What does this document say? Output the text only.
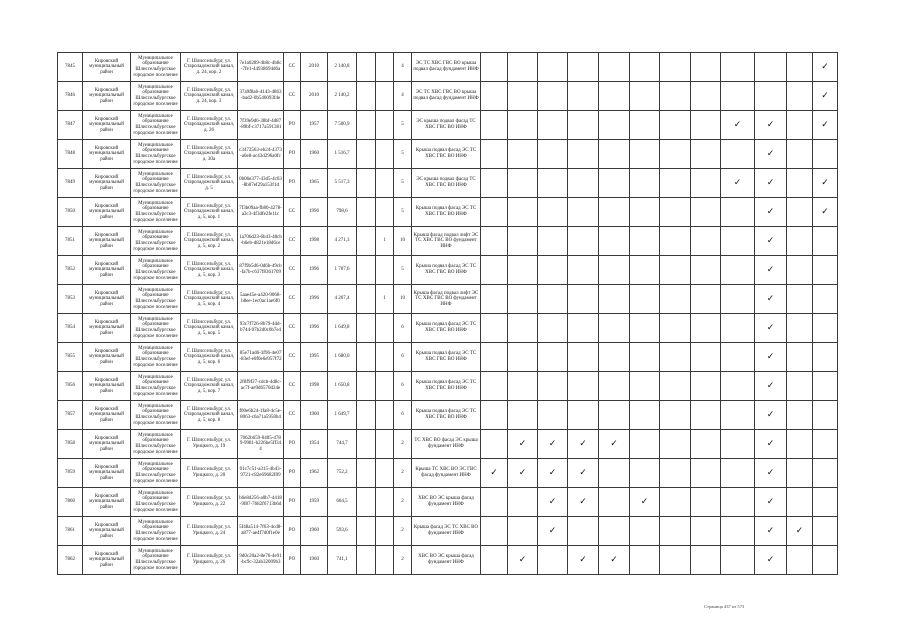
7845	Кировский муниципальный район	Муниципальное образование Шлиссельбургское городское поселение	Г. Шлиссельбург, ул. Староладожский канал, д. 24, кор. 2	7e1a0289-4b8c-4b8c-7fe1-44938694d6a	СС	2010	2 140,8			4	ЭС ТС ХВС ГВС ВО крыша подвал фасад фундамент ИНФ												✓
7846	Кировский муниципальный район	Муниципальное образование Шлиссельбургское городское поселение	Г. Шлиссельбург, ул. Староладожский канал, д. 24, кор. 3	37a9f8a6-4143-4863-bad2-0b546093f4e	СС	2010	2 140,2			4	ЭС ТС ХВС ГВС ВО крыша подвал фасад фундамент ИНФ												✓
7847	Кировский муниципальный район	Муниципальное образование Шлиссельбургское городское поселение	Г. Шлиссельбург, ул. Староладожский канал, д. 26	7f39e9d6-38bf-4d87-89bf-c3717a591381	РО	1957	7 500,9			5	ЭС крыша подвал фасад ТС ХВС ГВС ВО ИНФ									✓	✓		✓
7848	Кировский муниципальный район	Муниципальное образование Шлиссельбургское городское поселение	Г. Шлиссельбург, ул. Староладожский канал, д. 30а	c3472563-eb24-4373-a0e8-ac43d296a0fc	РО	1960	1 516,7			5	Крыша подвал фасад ЭС ТС ХВС ГВС ВО ИНФ										✓		
7849	Кировский муниципальный район	Муниципальное образование Шлиссельбургское городское поселение	Г. Шлиссельбург, ул. Староладожский канал, д. 5	0b06e377-43d5-4c63-8b07ef29a153f1d	РО	1965	5 517,3			5	ЭС крыша подвал фасад ТС ХВС ГВС ВО ИНФ									✓	✓		✓
7850	Кировский муниципальный район	Муниципальное образование Шлиссельбургское городское поселение	Г. Шлиссельбург, ул. Староладожский канал, д. 5, кор. 1	7f3b09aa-fb80-4278-a3c3-4f3dfe2fe11c	СС	1996	798,6			5	Крыша подвал фасад ЭС ТС ХВС ГВС ВО ИНФ										✓		✓
7851	Кировский муниципальный район	Муниципальное образование Шлиссельбургское городское поселение	Г. Шлиссельбург, ул. Староладожский канал, д. 5, кор. 2	1a706d23-6b43-48cb-b6eb-d821e18d6ce	СС	1998	4 271,3		1	10	Крыша фасад подвал лифт ЭС ТС ХВС ГВС ВО фундамент ИНФ										✓		
7852	Кировский муниципальный район	Муниципальное образование Шлиссельбургское городское поселение	Г. Шлиссельбург, ул. Староладожский канал, д. 5, кор. 3	87f9b5d6-0d6b-49cb-fa7b-c637f8361709	СС	1996	1 707,6			5	Крыша подвал фасад ЭС ТС ХВС ГВС ВО ИНФ										✓		
7853	Кировский муниципальный район	Муниципальное образование Шлиссельбургское городское поселение	Г. Шлиссельбург, ул. Староладожский канал, д. 5, кор. 4	5aae45e-a420-9068-b8ee-1ec0ac1ae6f0	СС	1996	4 267,4		1	10	Крыша фасад подвал лифт ЭС ТС ХВС ГВС ВО фундамент ИНФ										✓		
7854	Кировский муниципальный район	Муниципальное образование Шлиссельбургское городское поселение	Г. Шлиссельбург, ул. Староладожский канал, д. 5, кор. 5	93c7f726-8b79-4dd-b744-97b2d0c0b7e4	СС	1996	1 649,8			6	Крыша подвал фасад ЭС ТС ХВС ГВС ВО ИНФ										✓		
7855	Кировский муниципальный район	Муниципальное образование Шлиссельбургское городское поселение	Г. Шлиссельбург, ул. Староладожский канал, д. 5, кор. 6	85e71ad6-3f96-4e07-83ef-e0f0e6e957f72	СС	1995	1 680,0			6	Крыша подвал фасад ЭС ТС ХВС ГВС ВО ИНФ										✓		
7856	Кировский муниципальный район	Муниципальное образование Шлиссельбургское городское поселение	Г. Шлиссельбург, ул. Староладожский канал, д. 5, кор. 7	2f8f9f27-cdcb-4d8c-ac7f-ae9d6570d24e	СС	1998	1 650,8			6	Крыша подвал фасад ЭС ТС ХВС ГВС ВО ИНФ										✓		
7857	Кировский муниципальный район	Муниципальное образование Шлиссельбургское городское поселение	Г. Шлиссельбург, ул. Староладожский канал, д. 5, кор. 8	f00e6b24-1fa8-4c5e-8063-c6a71a5958b4	СС	1960	1 649,7			6	Крыша подвал фасад ЭС ТС ХВС ГВС ВО ИНФ										✓		
7858	Кировский муниципальный район	Муниципальное образование Шлиссельбургское городское поселение	Г. Шлиссельбург, ул. Урицкого, д. 19	7062b659-0405-4789-9981-b226be5ff344	РО	1954	744,7			2	ТС ХВС ВО фасад ЭС крыша фундамент ИНФ		✓	✓	✓	✓					✓		
7859	Кировский муниципальный район	Муниципальное образование Шлиссельбургское городское поселение	Г. Шлиссельбург, ул. Урицкого, д. 20	01c7c51-a315-4b43-9721-c82e69682f09	РО	1962	752,2			2	Крыша ТС ХВС ВО ЭС ГВС фасад фундамент ИНФ	✓	✓	✓	✓						✓		
7860	Кировский муниципальный район	Муниципальное образование Шлиссельбургское городское поселение	Г. Шлиссельбург, ул. Урицкого, д. 22	b6e8d256-a0b7-4418-9f87-7682f6713b6d	РО	1959	604,5			2	ХВС ВО ЭС крыша фасад фундамент ИНФ			✓	✓		✓				✓		
7861	Кировский муниципальный район	Муниципальное образование Шлиссельбургское городское поселение	Г. Шлиссельбург, ул. Урицкого, д. 24	5f48a514-7f63-4cd8-a877-ae4f7d0f1e0e	РО	1960	593,6			2	Крыша фасад ЭС ТС ХВС ВО фундамент ИНФ			✓							✓	✓	
7862	Кировский муниципальный район	Муниципальное образование Шлиссельбургское городское поселение	Г. Шлиссельбург, ул. Урицкого, д. 26	9d0c20a2-8e76-4e91-bc9c-32ab32009b3	РО	1960	741,1			2	ХВС ВО ЭС крыша фасад фундамент ИНФ		✓		✓	✓					✓		
Страница 437 из 573
